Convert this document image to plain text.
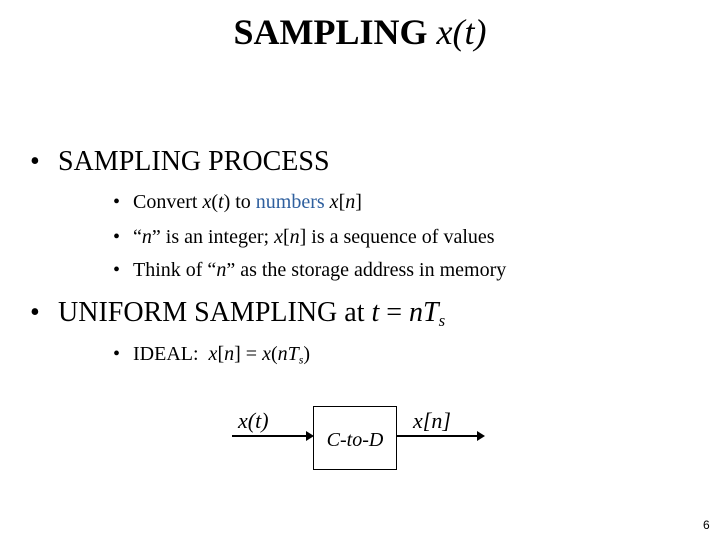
SAMPLING x(t)
• SAMPLING PROCESS
• Convert x(t) to numbers x[n]
• “n” is an integer; x[n] is a sequence of values
• Think of “n” as the storage address in memory
• UNIFORM SAMPLING at $t = nT_s$
• IDEAL:  $x[n] = x(nT_s)$
x(t)
C-to-D
x[n]
6
